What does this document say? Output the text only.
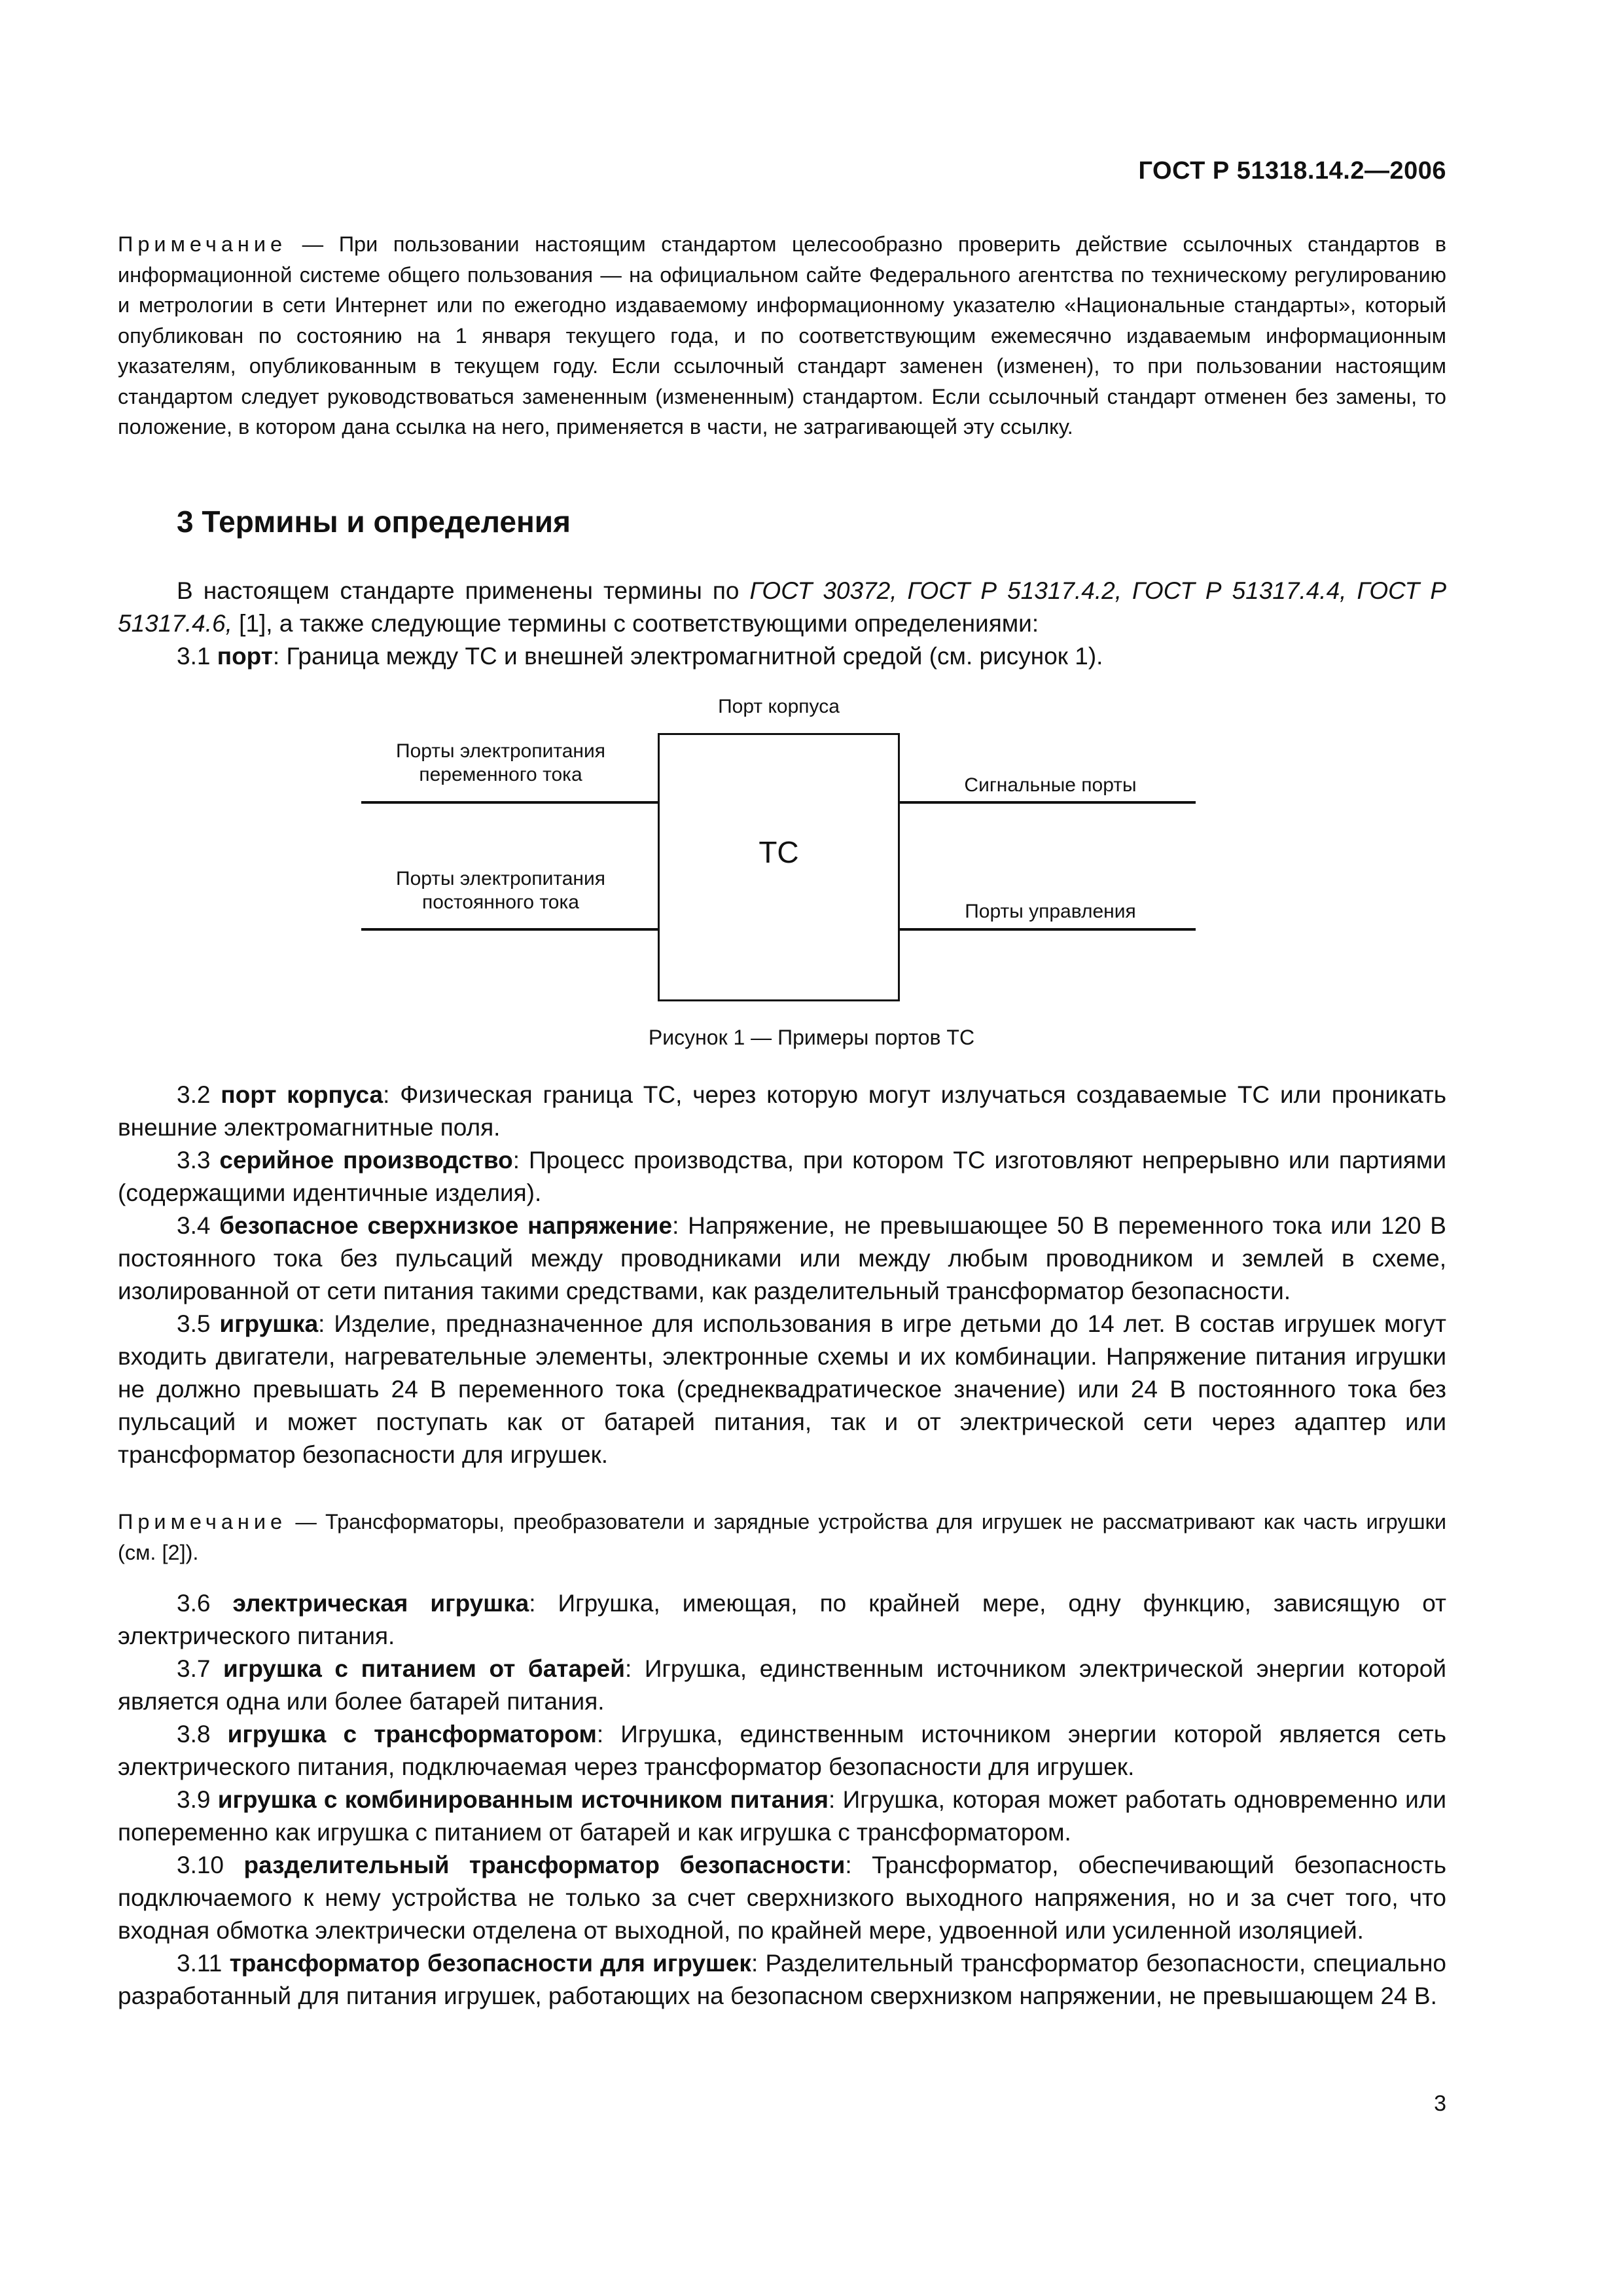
ГОСТ Р 51318.14.2—2006
Примечание — При пользовании настоящим стандартом целесообразно проверить действие ссылочных стандартов в информационной системе общего пользования — на официальном сайте Федерального агентства по техническому регулированию и метрологии в сети Интернет или по ежегодно издаваемому информационному указателю «Национальные стандарты», который опубликован по состоянию на 1 января текущего года, и по соответствующим ежемесячно издаваемым информационным указателям, опубликованным в текущем году. Если ссылочный стандарт заменен (изменен), то при пользовании настоящим стандартом следует руководствоваться замененным (измененным) стандартом. Если ссылочный стандарт отменен без замены, то положение, в котором дана ссылка на него, применяется в части, не затрагивающей эту ссылку.
3 Термины и определения

В настоящем стандарте применены термины по ГОСТ 30372, ГОСТ Р 51317.4.2, ГОСТ Р 51317.4.4, ГОСТ Р 51317.4.6, [1], а также следующие термины с соответствующими определениями:

3.1 порт: Граница между ТС и внешней электромагнитной средой (см. рисунок 1).

Порт корпуса
Порты электропитания переменного тока
Порты электропитания постоянного тока
ТС
Сигнальные порты
Порты управления
Рисунок 1 — Примеры портов ТС

3.2 порт корпуса: Физическая граница ТС, через которую могут излучаться создаваемые ТС или проникать внешние электромагнитные поля.

3.3 серийное производство: Процесс производства, при котором ТС изготовляют непрерывно или партиями (содержащими идентичные изделия).

3.4 безопасное сверхнизкое напряжение: Напряжение, не превышающее 50 В переменного тока или 120 В постоянного тока без пульсаций между проводниками или между любым проводником и землей в схеме, изолированной от сети питания такими средствами, как разделительный трансформатор безопасности.

3.5 игрушка: Изделие, предназначенное для использования в игре детьми до 14 лет. В состав игрушек могут входить двигатели, нагревательные элементы, электронные схемы и их комбинации. Напряжение питания игрушки не должно превышать 24 В переменного тока (среднеквадратическое значение) или 24 В постоянного тока без пульсаций и может поступать как от батарей питания, так и от электрической сети через адаптер или трансформатор безопасности для игрушек.

Примечание — Трансформаторы, преобразователи и зарядные устройства для игрушек не рассматривают как часть игрушки (см. [2]).

3.6 электрическая игрушка: Игрушка, имеющая, по крайней мере, одну функцию, зависящую от электрического питания.

3.7 игрушка с питанием от батарей: Игрушка, единственным источником электрической энергии которой является одна или более батарей питания.

3.8 игрушка с трансформатором: Игрушка, единственным источником энергии которой является сеть электрического питания, подключаемая через трансформатор безопасности для игрушек.

3.9 игрушка с комбинированным источником питания: Игрушка, которая может работать одновременно или попеременно как игрушка с питанием от батарей и как игрушка с трансформатором.

3.10 разделительный трансформатор безопасности: Трансформатор, обеспечивающий безопасность подключаемого к нему устройства не только за счет сверхнизкого выходного напряжения, но и за счет того, что входная обмотка электрически отделена от выходной, по крайней мере, удвоенной или усиленной изоляцией.

3.11 трансформатор безопасности для игрушек: Разделительный трансформатор безопасности, специально разработанный для питания игрушек, работающих на безопасном сверхнизком напряжении, не превышающем 24 В.

3
